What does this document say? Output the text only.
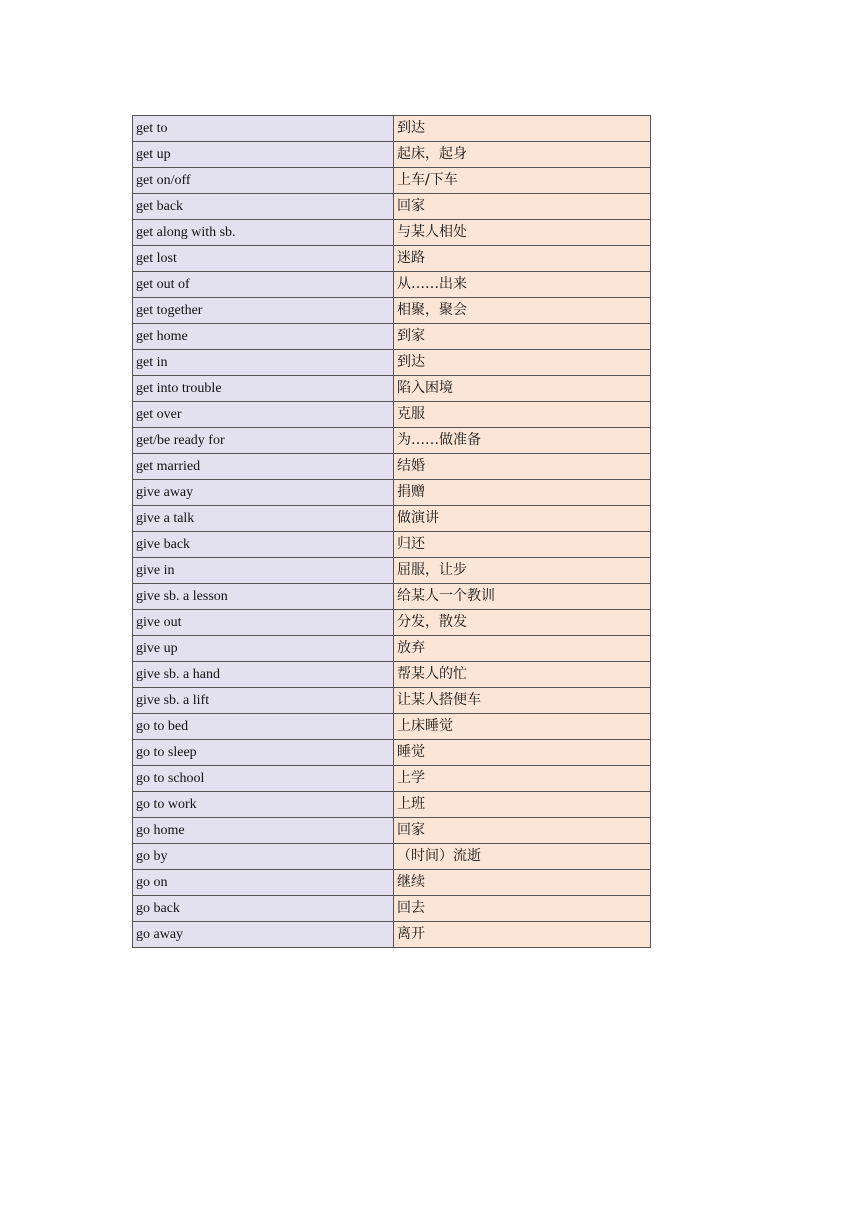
get to	到达
get up	起床，起身
get on/off	上车/下车
get back	回家
get along with sb.	与某人相处
get lost	迷路
get out of	从……出来
get together	相聚，聚会
get home	到家
get in	到达
get into trouble	陷入困境
get over	克服
get/be ready for	为……做准备
get married	结婚
give away	捐赠
give a talk	做演讲
give back	归还
give in	屈服，让步
give sb. a lesson	给某人一个教训
give out	分发，散发
give up	放弃
give sb. a hand	帮某人的忙
give sb. a lift	让某人搭便车
go to bed	上床睡觉
go to sleep	睡觉
go to school	上学
go to work	上班
go home	回家
go by	（时间）流逝
go on	继续
go back	回去
go away	离开
